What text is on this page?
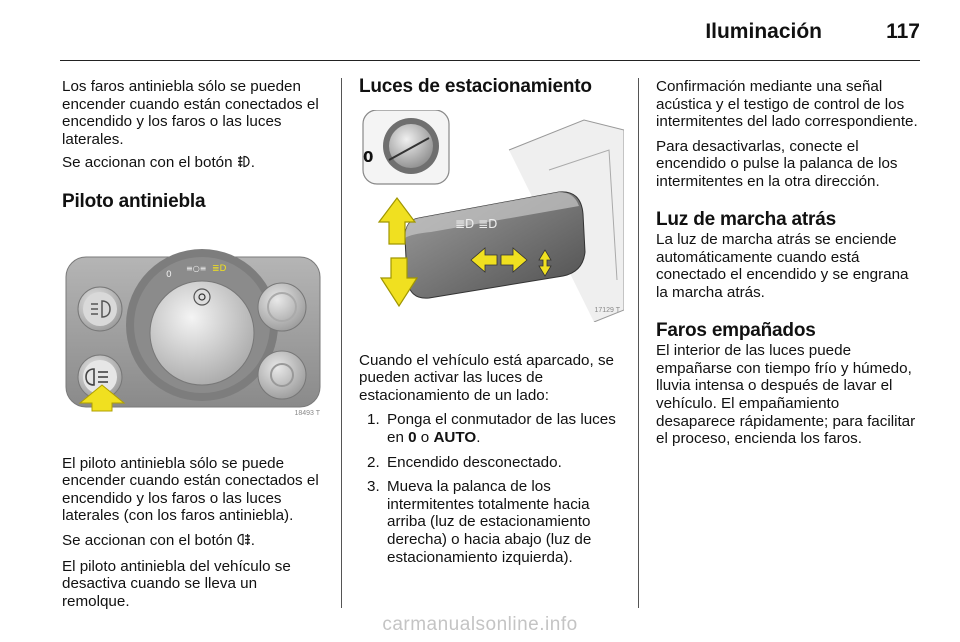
Iluminación	117

Los faros antiniebla sólo se pueden encender cuando están conectados el encendido y los faros o las luces laterales.

Se accionan con el botón .

Piloto antiniebla
0
≡○≡ ≣D
18493 T

El piloto antiniebla sólo se puede encender cuando están conectados el encendido y los faros o las luces laterales (con los faros antiniebla).

Se accionan con el botón .

El piloto antiniebla del vehículo se desactiva cuando se lleva un remolque.

Luces de estacionamiento
0
≣D ≣D
17129 T

Cuando el vehículo está aparcado, se pueden activar las luces de estacionamiento de un lado:

1. Ponga el conmutador de las luces en 0 o AUTO.
2. Encendido desconectado.
3. Mueva la palanca de los intermitentes totalmente hacia arriba (luz de estacionamiento derecha) o hacia abajo (luz de estacionamiento izquierda).

Confirmación mediante una señal acústica y el testigo de control de los intermitentes del lado correspondiente.

Para desactivarlas, conecte el encendido o pulse la palanca de los intermitentes en la otra dirección.

Luz de marcha atrás

La luz de marcha atrás se enciende automáticamente cuando está conectado el encendido y se engrana la marcha atrás.

Faros empañados

El interior de las luces puede empañarse con tiempo frío y húmedo, lluvia intensa o después de lavar el vehículo. El empañamiento desaparece rápidamente; para facilitar el proceso, encienda los faros.

carmanualsonline.info
